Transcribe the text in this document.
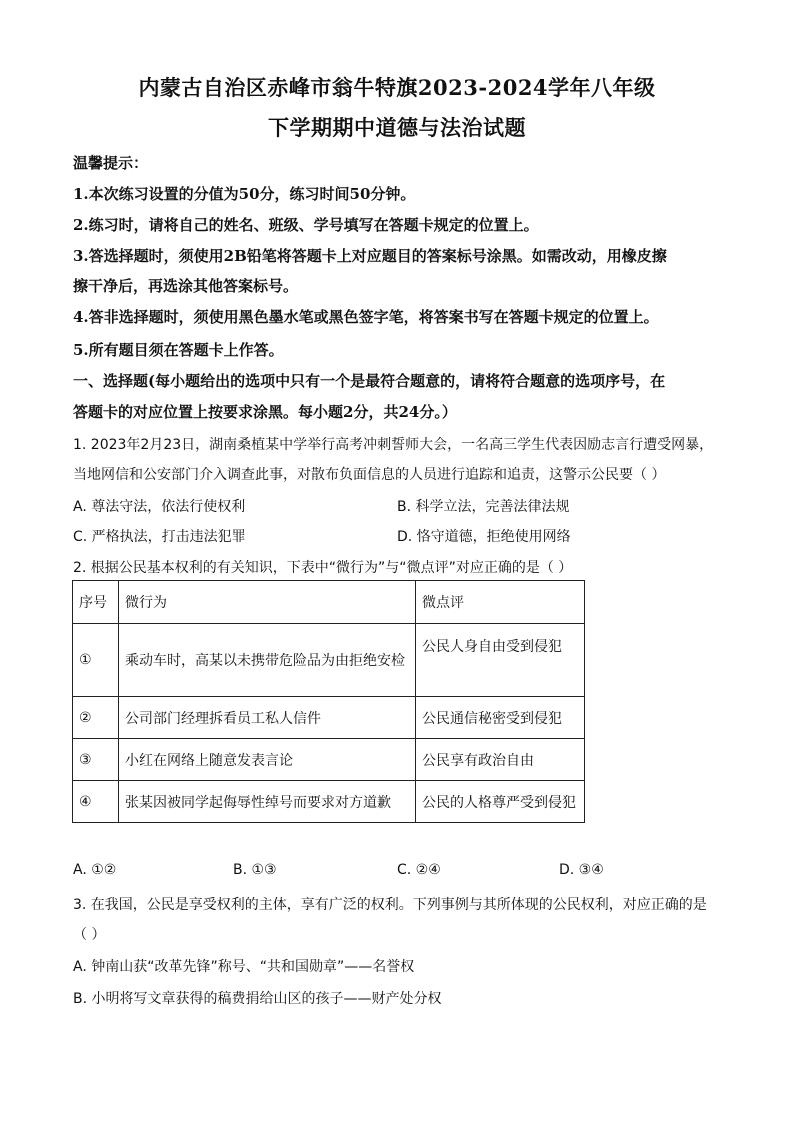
内蒙古自治区赤峰市翁牛特旗2023-2024学年八年级
下学期期中道德与法治试题
温馨提示：
1.本次练习设置的分值为50分，练习时间50分钟。
2.练习时，请将自己的姓名、班级、学号填写在答题卡规定的位置上。
3.答选择题时，须使用2B铅笔将答题卡上对应题目的答案标号涂黑。如需改动，用橡皮擦
擦干净后，再选涂其他答案标号。
4.答非选择题时，须使用黑色墨水笔或黑色签字笔，将答案书写在答题卡规定的位置上。
5.所有题目须在答题卡上作答。
一、选择题(每小题给出的选项中只有一个是最符合题意的，请将符合题意的选项序号，在
答题卡的对应位置上按要求涂黑。每小题2分，共24分。）
1. 2023年2月23日，湖南桑植某中学举行高考冲刺誓师大会，一名高三学生代表因励志言行遭受网暴，
当地网信和公安部门介入调查此事，对散布负面信息的人员进行追踪和追责，这警示公民要（ ）
A. 尊法守法，依法行使权利	B. 科学立法，完善法律法规
C. 严格执法，打击违法犯罪	D. 恪守道德，拒绝使用网络
2. 根据公民基本权利的有关知识，下表中“微行为”与“微点评”对应正确的是（ ）
序号	微行为	微点评
①	乘动车时，高某以未携带危险品为由拒绝安检	公民人身自由受到侵犯
②	公司部门经理拆看员工私人信件	公民通信秘密受到侵犯
③	小红在网络上随意发表言论	公民享有政治自由
④	张某因被同学起侮辱性绰号而要求对方道歉	公民的人格尊严受到侵犯
A. ①②	B. ①③	C. ②④	D. ③④
3. 在我国，公民是享受权利的主体，享有广泛的权利。下列事例与其所体现的公民权利，对应正确的是
（ ）
A. 钟南山获“改革先锋”称号、“共和国勋章”——名誉权
B. 小明将写文章获得的稿费捐给山区的孩子——财产处分权
